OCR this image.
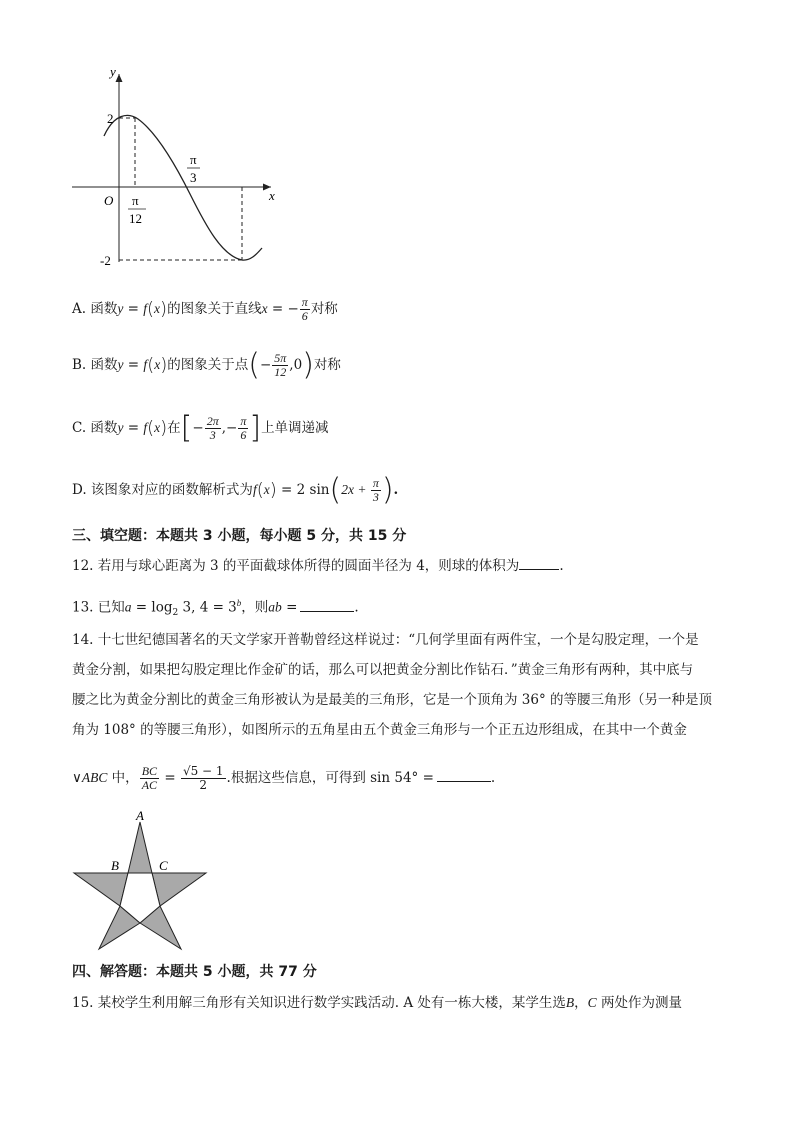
y
x
O
2
-2
π
12
π
3
A. 函数y = f(x)的图象关于直线x = − $\frac{\pi}{6}$ 对称
B. 函数y = f(x)的图象关于点(− $\frac{5\pi}{12} ,0$)对称
C. 函数y = f(x)在[− $\frac{2\pi}{3}$ ,− $\frac{\pi}{6}$ ]上单调递减
D. 该图象对应的函数解析式为f(x) = 2 $\sin(2x + \frac{\pi}{3}$ ).
三、填空题：本题共 3 小题，每小题 5 分，共 15 分
12. 若用与球心距离为 3 的平面截球体所得的圆面半径为 4，则球的体积为	.
13. 已知$a = \log_2 3$, $4 = 3^b$，则ab =	.
14. 十七世纪德国著名的天文学家开普勒曾经这样说过：“几何学里面有两件宝，一个是勾股定理，一个是
黄金分割，如果把勾股定理比作金矿的话，那么可以把黄金分割比作钻石．”黄金三角形有两种，其中底与
腰之比为黄金分割比的黄金三角形被认为是最美的三角形，它是一个顶角为 36° 的等腰三角形（另一种是顶
角为 108° 的等腰三角形），如图所示的五角星由五个黄金三角形与一个正五边形组成，在其中一个黄金
∨ABC 中， $\frac{BC}{AC} = \frac{√5 - 1}{2}$ .根据这些信息，可得到 sin 54° =	.
A
B	C
四、解答题：本题共 5 小题，共 77 分
15. 某校学生利用解三角形有关知识进行数学实践活动. A 处有一栋大楼，某学生选B，C 两处作为测量
